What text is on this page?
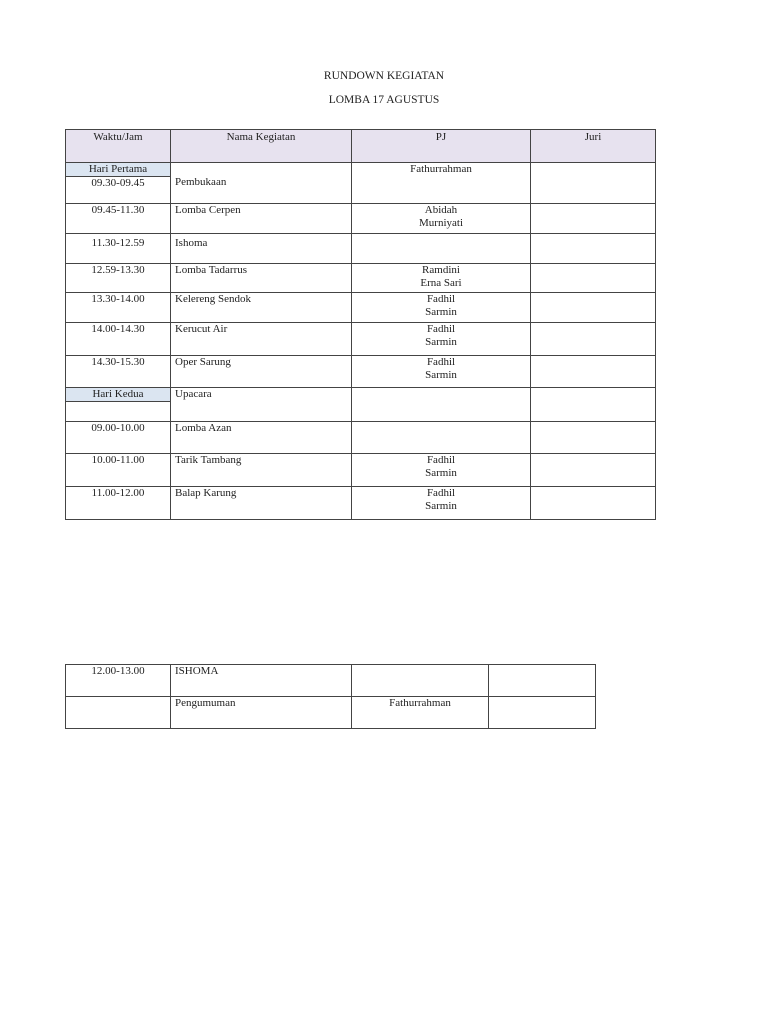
RUNDOWN KEGIATAN
LOMBA 17 AGUSTUS
Waktu/Jam	Nama Kegiatan	PJ	Juri

Hari Pertama
09.30-09.45	Pembukaan	Fathurrahman	

09.45-11.30	Lomba Cerpen	Abidah
Murniyati	

11.30-12.59	Ishoma		
12.59-13.30	Lomba Tadarrus	Ramdini
Erna Sari	

13.30-14.00	Kelereng Sendok	Fadhil
Sarmin	

14.00-14.30	Kerucut Air	Fadhil
Sarmin	

14.30-15.30	Oper Sarung	Fadhil
Sarmin	

Hari Kedua	Upacara		
09.00-10.00	Lomba Azan		
10.00-11.00	Tarik Tambang	Fadhil
Sarmin	

11.00-12.00	Balap Karung	Fadhil
Sarmin	

12.00-13.00	ISHOMA		
	Pengumuman	Fathurrahman	
